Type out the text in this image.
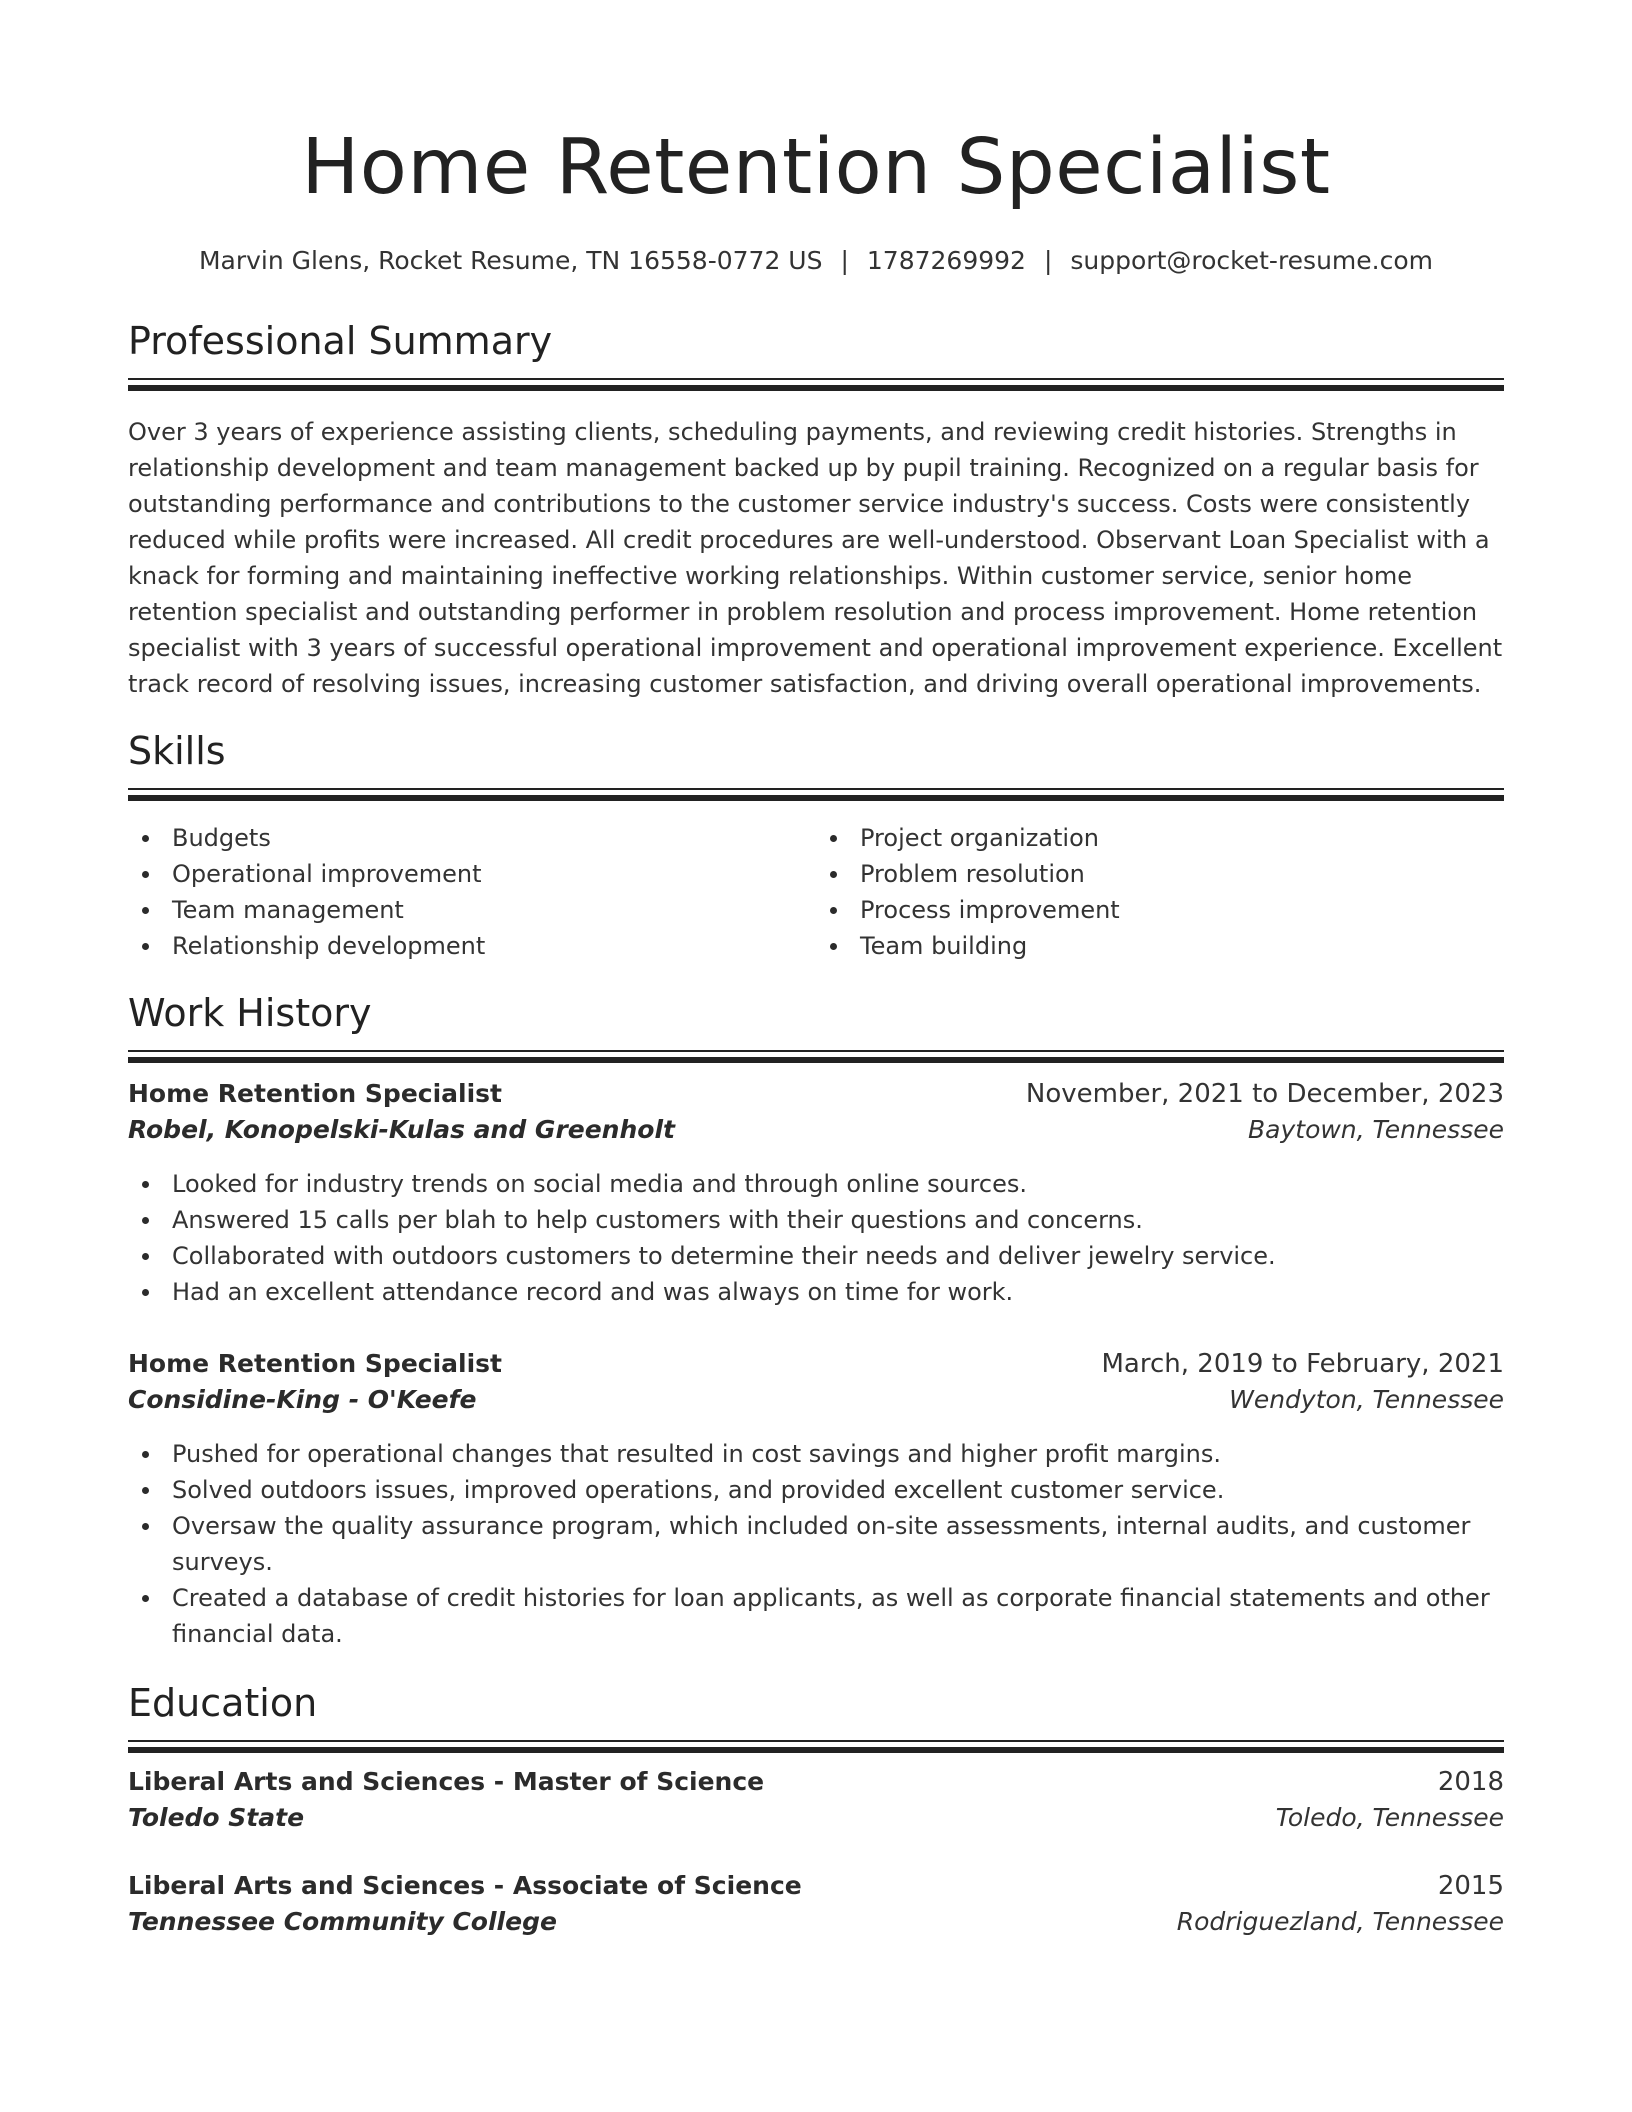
Home Retention Specialist
Marvin Glens, Rocket Resume, TN 16558-0772 US | 1787269992 | support@rocket-resume.com
Professional Summary

Over 3 years of experience assisting clients, scheduling payments, and reviewing credit histories. Strengths in relationship development and team management backed up by pupil training. Recognized on a regular basis for outstanding performance and contributions to the customer service industry's success. Costs were consistently reduced while profits were increased. All credit procedures are well-understood. Observant Loan Specialist with a knack for forming and maintaining ineffective working relationships. Within customer service, senior home retention specialist and outstanding performer in problem resolution and process improvement. Home retention specialist with 3 years of successful operational improvement and operational improvement experience. Excellent track record of resolving issues, increasing customer satisfaction, and driving overall operational improvements.

Skills
Budgets
Operational improvement
Team management
Relationship development
Project organization
Problem resolution
Process improvement
Team building
Work History
Home Retention Specialist	November, 2021 to December, 2023
Robel, Konopelski-Kulas and Greenholt	Baytown, Tennessee
Looked for industry trends on social media and through online sources.
Answered 15 calls per blah to help customers with their questions and concerns.
Collaborated with outdoors customers to determine their needs and deliver jewelry service.
Had an excellent attendance record and was always on time for work.
Home Retention Specialist	March, 2019 to February, 2021
Considine-King - O'Keefe	Wendyton, Tennessee
Pushed for operational changes that resulted in cost savings and higher profit margins.
Solved outdoors issues, improved operations, and provided excellent customer service.
Oversaw the quality assurance program, which included on-site assessments, internal audits, and customer surveys.
Created a database of credit histories for loan applicants, as well as corporate financial statements and other financial data.
Education
Liberal Arts and Sciences - Master of Science	2018
Toledo State	Toledo, Tennessee
Liberal Arts and Sciences - Associate of Science	2015
Tennessee Community College	Rodriguezland, Tennessee
